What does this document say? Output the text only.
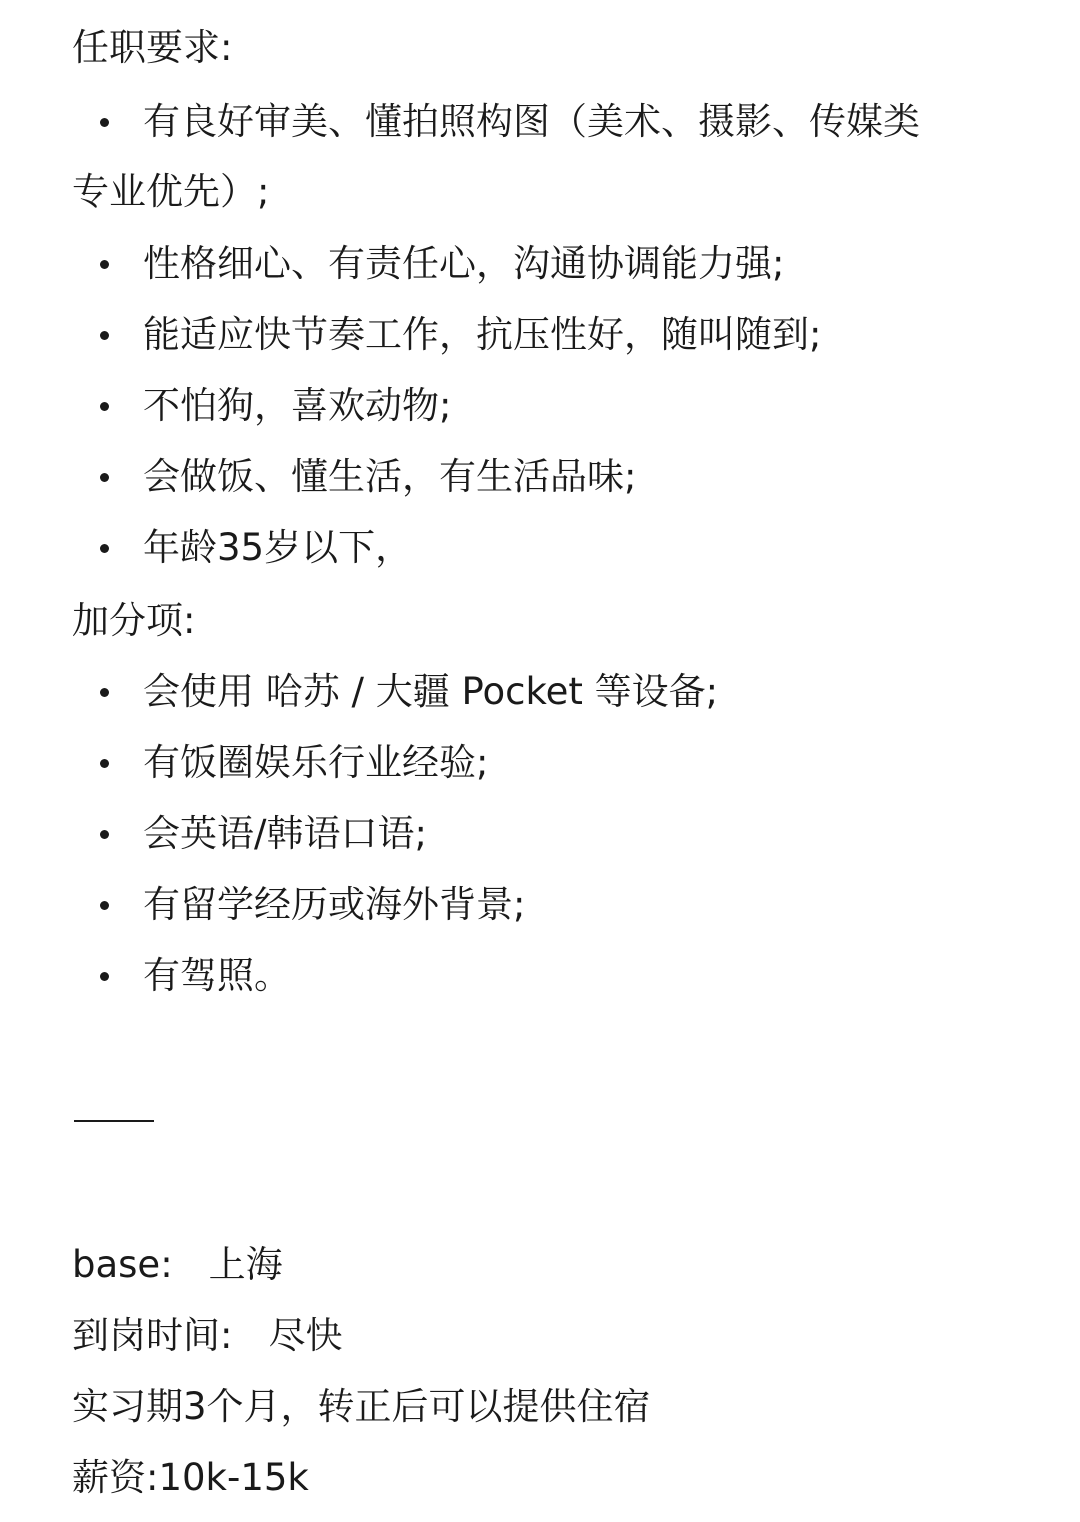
任职要求:
有良好审美、懂拍照构图（美术、摄影、传媒类
专业优先）;
性格细心、有责任心，沟通协调能力强;
能适应快节奏工作，抗压性好，随叫随到;
不怕狗，喜欢动物;
会做饭、懂生活，有生活品味;
年龄35岁以下，
加分项:
会使用 哈苏 / 大疆 Pocket 等设备;
有饭圈娱乐行业经验;
会英语/韩语口语;
有留学经历或海外背景;
有驾照。
base: 上海
到岗时间: 尽快
实习期3个月，转正后可以提供住宿
薪资:10k-15k
